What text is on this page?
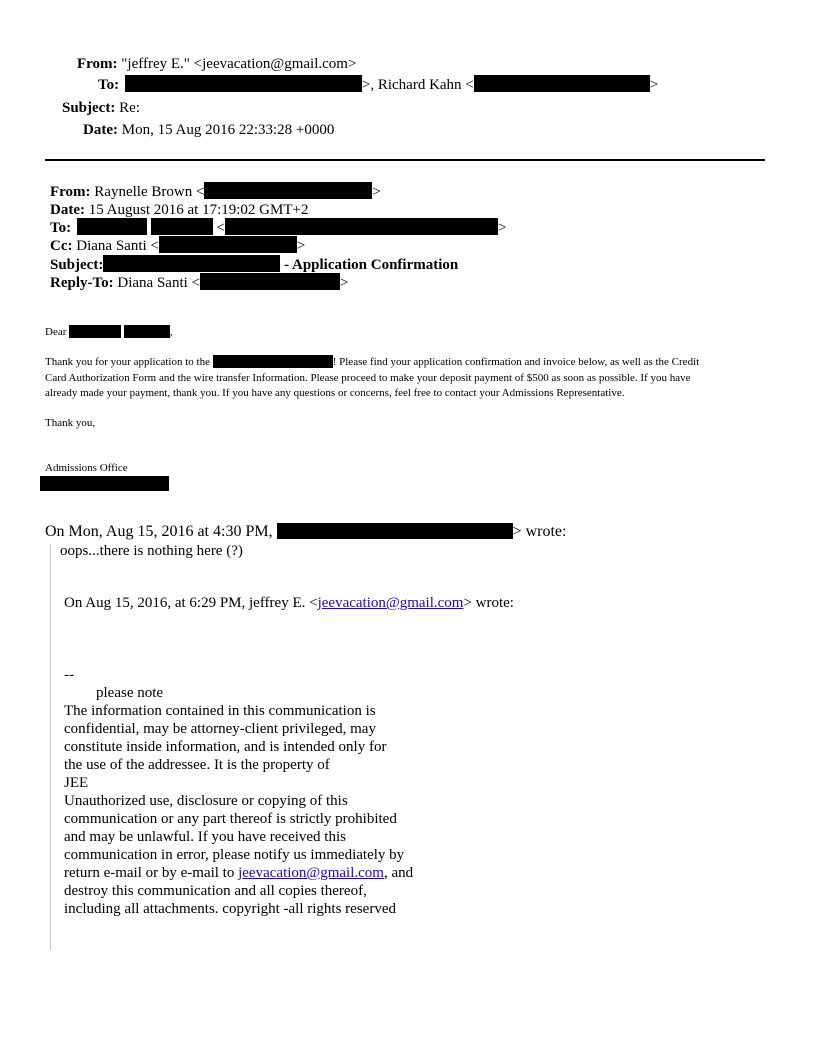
From: "jeffrey E." <jeevacation@gmail.com>
To:	>, Richard Kahn <	>
Subject: Re:
Date: Mon, 15 Aug 2016 22:33:28 +0000
From: Raynelle Brown <	>
Date: 15 August 2016 at 17:19:02 GMT+2
To:	<	>
Cc: Diana Santi <	>
Subject:	- Application Confirmation
Reply-To: Diana Santi <	>
Dear	,
Thank you for your application to the	! Please find your application confirmation and invoice below, as well as the Credit
Card Authorization Form and the wire transfer Information. Please proceed to make your deposit payment of $500 as soon as possible. If you have
already made your payment, thank you. If you have any questions or concerns, feel free to contact your Admissions Representative.
Thank you,
Admissions Office
On Mon, Aug 15, 2016 at 4:30 PM,	> wrote:
oops...there is nothing here (?)
On Aug 15, 2016, at 6:29 PM, jeffrey E. <jeevacation@gmail.com> wrote:
--
please note
The information contained in this communication is
confidential, may be attorney-client privileged, may
constitute inside information, and is intended only for
the use of the addressee. It is the property of
JEE
Unauthorized use, disclosure or copying of this
communication or any part thereof is strictly prohibited
and may be unlawful. If you have received this
communication in error, please notify us immediately by
return e-mail or by e-mail to jeevacation@gmail.com, and
destroy this communication and all copies thereof,
including all attachments. copyright -all rights reserved
